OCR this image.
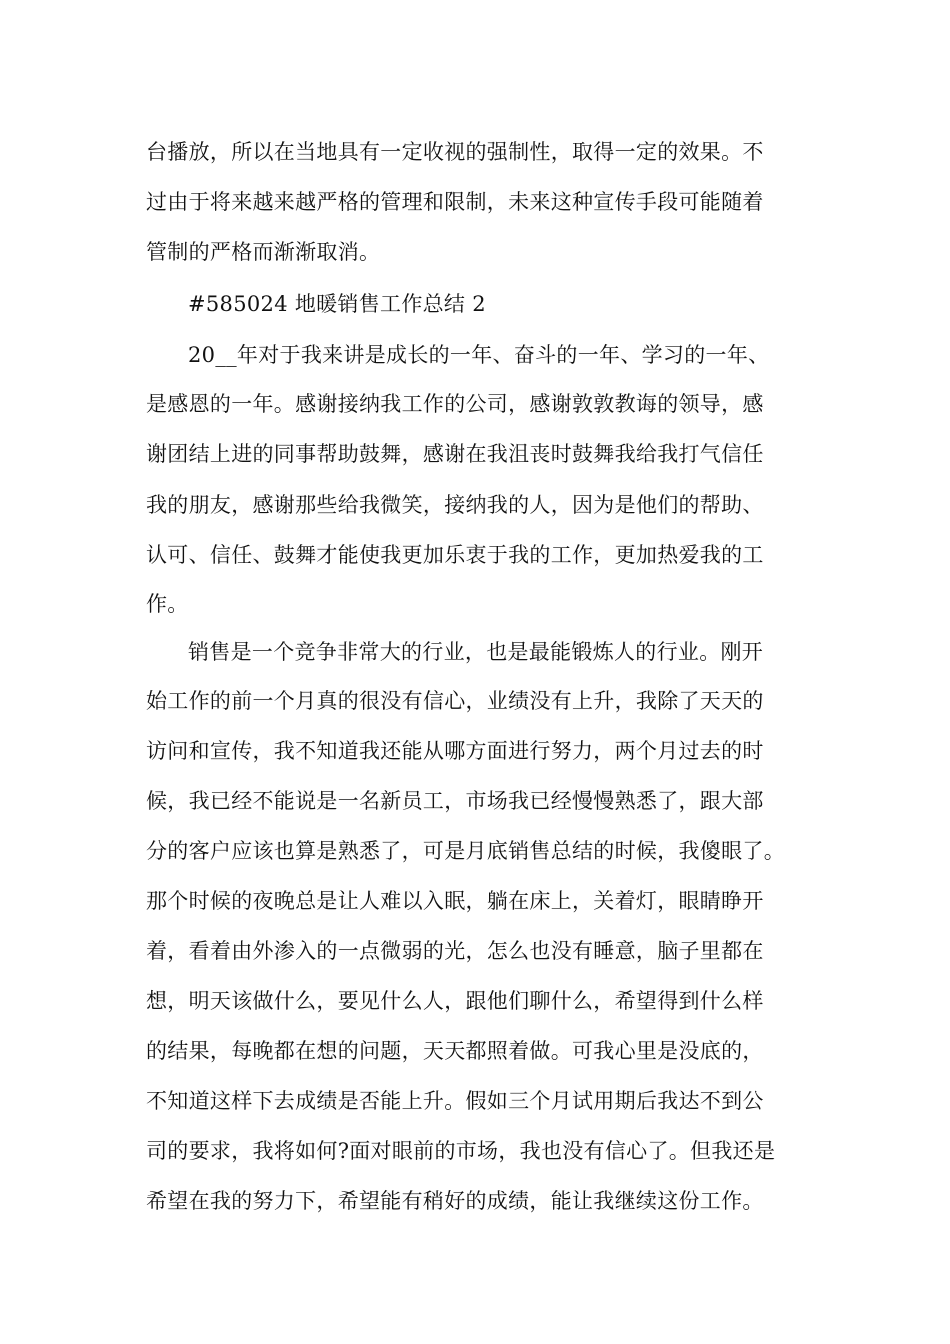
台播放，所以在当地具有一定收视的强制性，取得一定的效果。不
过由于将来越来越严格的管理和限制，未来这种宣传手段可能随着
管制的严格而渐渐取消。
#585024 地暖销售工作总结 2
20__年对于我来讲是成长的一年、奋斗的一年、学习的一年、
是感恩的一年。感谢接纳我工作的公司，感谢敦敦教诲的领导，感
谢团结上进的同事帮助鼓舞，感谢在我沮丧时鼓舞我给我打气信任
我的朋友，感谢那些给我微笑，接纳我的人，因为是他们的帮助、
认可、信任、鼓舞才能使我更加乐衷于我的工作，更加热爱我的工
作。
销售是一个竞争非常大的行业，也是最能锻炼人的行业。刚开
始工作的前一个月真的很没有信心，业绩没有上升，我除了天天的
访问和宣传，我不知道我还能从哪方面进行努力，两个月过去的时
候，我已经不能说是一名新员工，市场我已经慢慢熟悉了，跟大部
分的客户应该也算是熟悉了，可是月底销售总结的时候，我傻眼了。
那个时候的夜晚总是让人难以入眠，躺在床上，关着灯，眼睛睁开
着，看着由外渗入的一点微弱的光，怎么也没有睡意，脑子里都在
想，明天该做什么，要见什么人，跟他们聊什么，希望得到什么样
的结果，每晚都在想的问题，天天都照着做。可我心里是没底的，
不知道这样下去成绩是否能上升。假如三个月试用期后我达不到公
司的要求，我将如何?面对眼前的市场，我也没有信心了。但我还是
希望在我的努力下，希望能有稍好的成绩，能让我继续这份工作。
